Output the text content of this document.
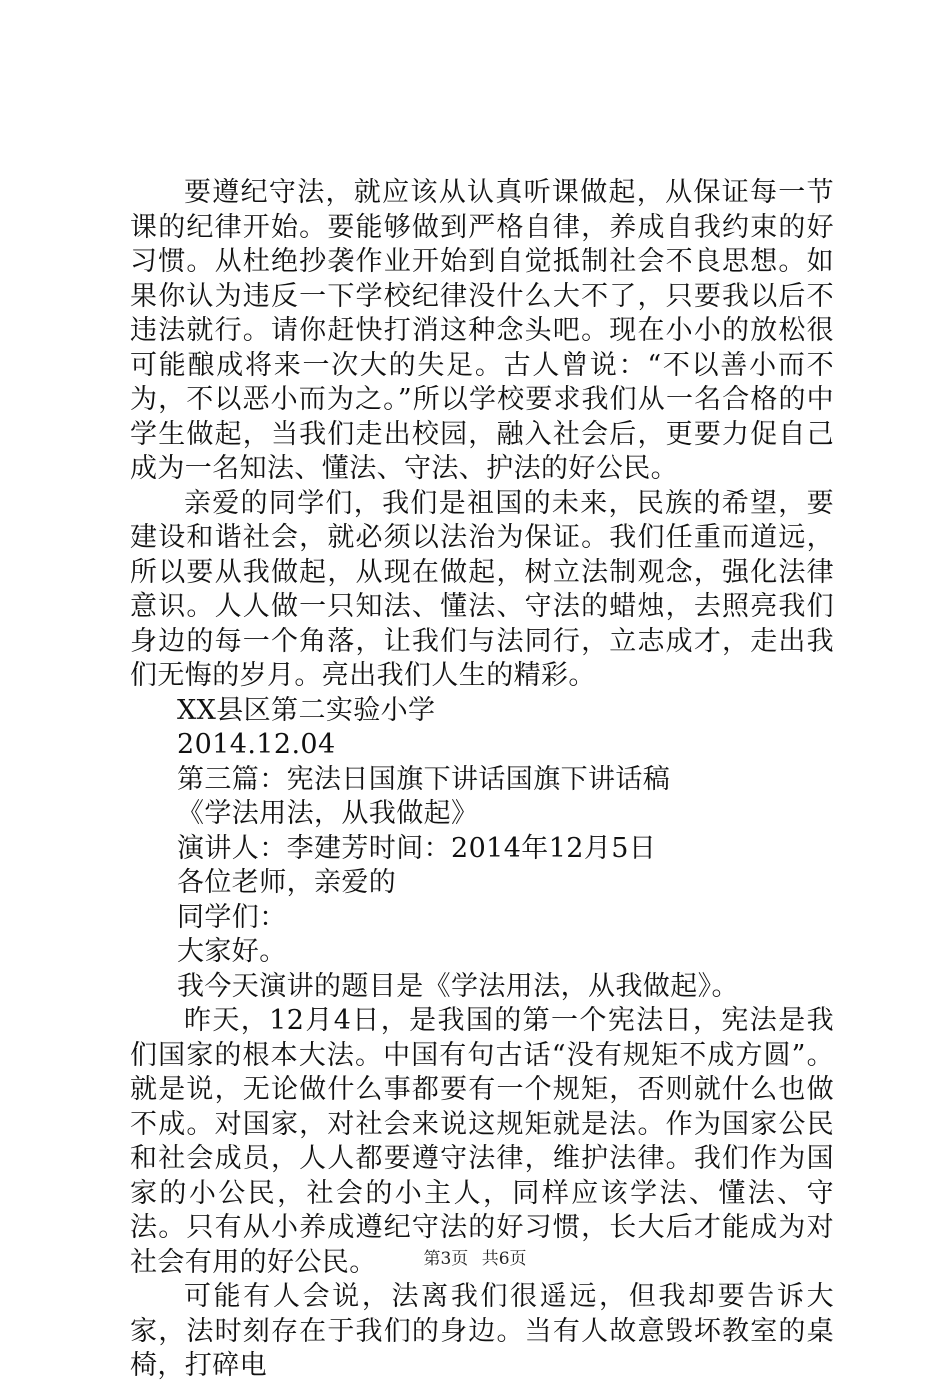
要遵纪守法，就应该从认真听课做起，从保证每一节课的纪律开始。要能够做到严格自律，养成自我约束的好习惯。从杜绝抄袭作业开始到自觉抵制社会不良思想。如果你认为违反一下学校纪律没什么大不了，只要我以后不违法就行。请你赶快打消这种念头吧。现在小小的放松很可能酿成将来一次大的失足。古人曾说：“不以善小而不为，不以恶小而为之。”所以学校要求我们从一名合格的中学生做起，当我们走出校园，融入社会后，更要力促自己成为一名知法、懂法、守法、护法的好公民。

亲爱的同学们，我们是祖国的未来，民族的希望，要建设和谐社会，就必须以法治为保证。我们任重而道远，所以要从我做起，从现在做起，树立法制观念，强化法律意识。人人做一只知法、懂法、守法的蜡烛，去照亮我们身边的每一个角落，让我们与法同行，立志成才，走出我们无悔的岁月。亮出我们人生的精彩。

XX县区第二实验小学

2014.12.04

第三篇：宪法日国旗下讲话国旗下讲话稿

《学法用法，从我做起》

演讲人：李建芳时间：2014年12月5日

各位老师，亲爱的

同学们：

大家好。

我今天演讲的题目是《学法用法，从我做起》。

昨天，12月4日，是我国的第一个宪法日，宪法是我们国家的根本大法。中国有句古话“没有规矩不成方圆”。就是说，无论做什么事都要有一个规矩，否则就什么也做不成。对国家，对社会来说这规矩就是法。作为国家公民和社会成员，人人都要遵守法律，维护法律。我们作为国家的小公民，社会的小主人，同样应该学法、懂法、守法。只有从小养成遵纪守法的好习惯，长大后才能成为对社会有用的好公民。

可能有人会说，法离我们很遥远，但我却要告诉大家，法时刻存在于我们的身边。当有人故意毁坏教室的桌椅，打碎电

第3页 共6页
